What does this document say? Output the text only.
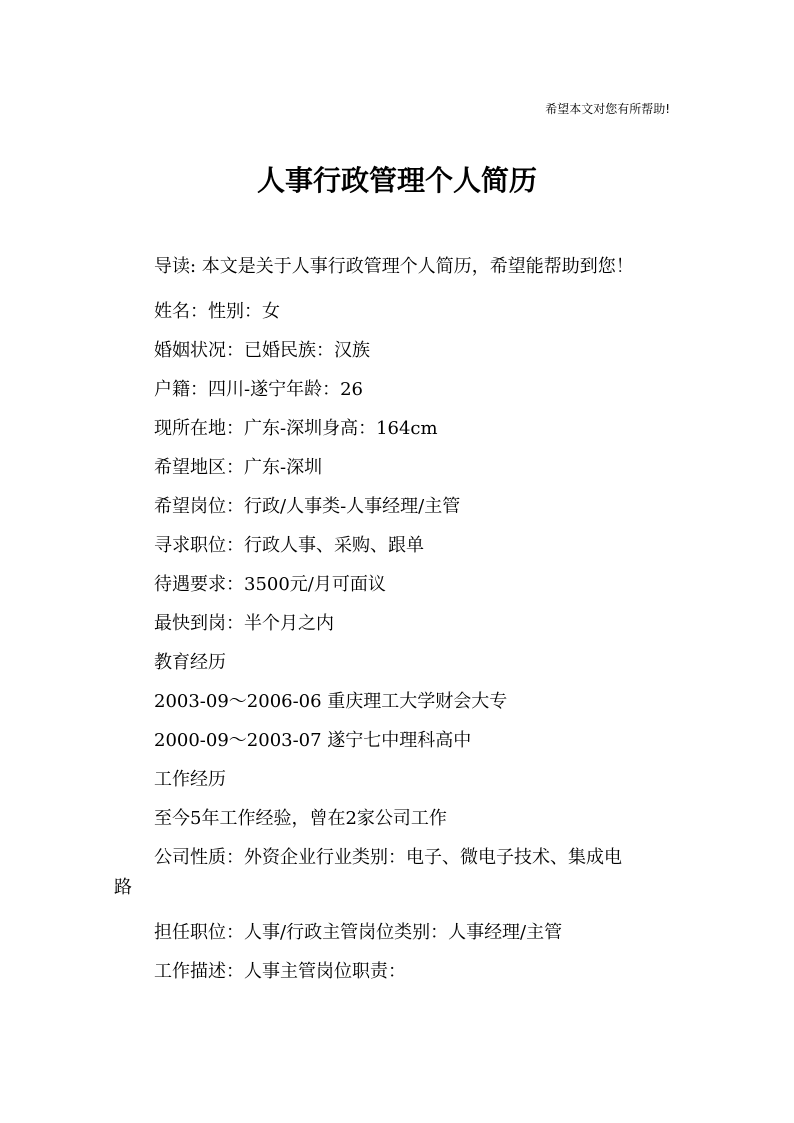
希望本文对您有所帮助!
人事行政管理个人简历
导读: 本文是关于人事行政管理个人简历，希望能帮助到您！
姓名：性别：女
婚姻状况：已婚民族：汉族
户籍：四川-遂宁年龄：26
现所在地：广东-深圳身高：164cm
希望地区：广东-深圳
希望岗位：行政/人事类-人事经理/主管
寻求职位：行政人事、采购、跟单
待遇要求：3500元/月可面议
最快到岗：半个月之内
教育经历
2003-09～2006-06 重庆理工大学财会大专
2000-09～2003-07 遂宁七中理科高中
工作经历
至今5年工作经验，曾在2家公司工作
公司性质：外资企业行业类别：电子、微电子技术、集成电
路
担任职位：人事/行政主管岗位类别：人事经理/主管
工作描述：人事主管岗位职责：
